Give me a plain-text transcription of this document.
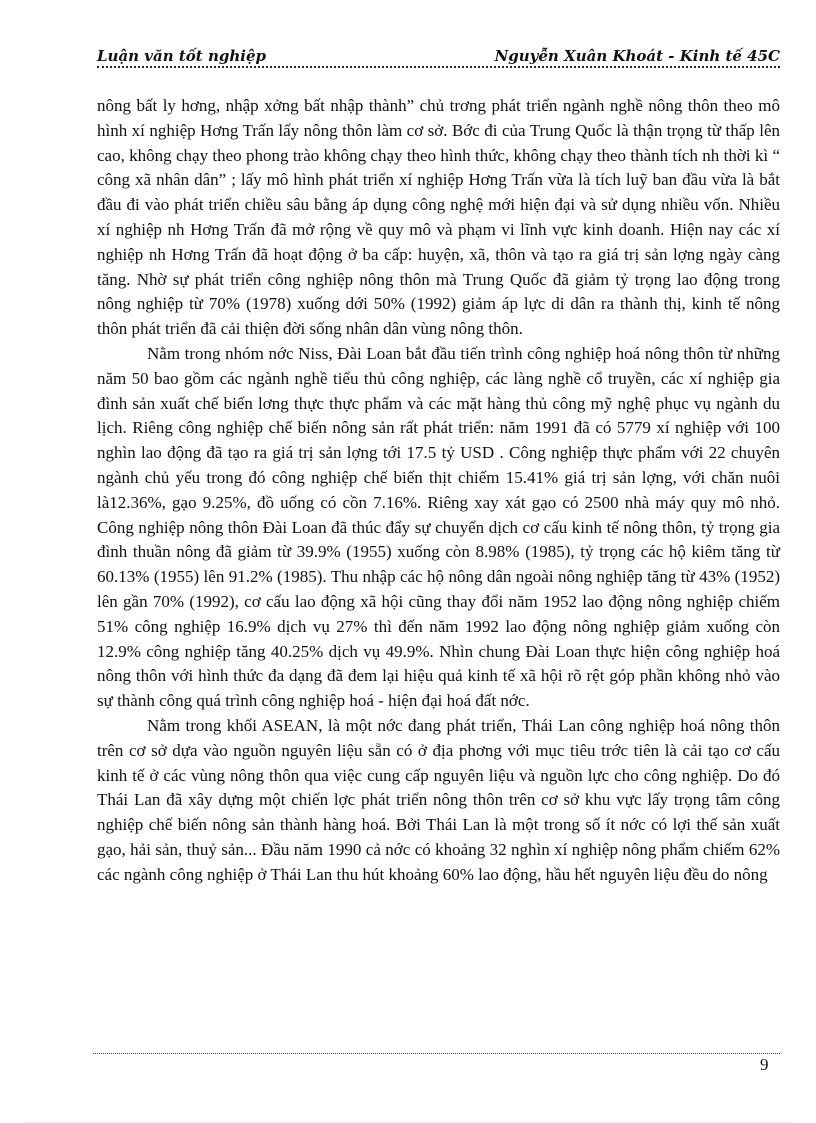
Luận văn tốt nghiệp	Nguyễn Xuân Khoát - Kinh tế 45C

nông bất ly hơng, nhập xởng bất nhập thành” chủ trơng phát triển ngành nghề nông thôn theo mô hình xí nghiệp Hơng Trấn lấy nông thôn làm cơ sở. Bớc đi của Trung Quốc là thận trọng từ thấp lên cao, không chạy theo phong trào không chạy theo hình thức, không chạy theo thành tích nh thời kì “ công xã nhân dân” ; lấy mô hình phát triển xí nghiệp Hơng Trấn vừa là tích luỹ ban đầu vừa là bắt đầu đi vào phát triển chiều sâu bằng áp dụng công nghệ mới hiện đại và sử dụng nhiều vốn. Nhiều xí nghiệp nh Hơng Trấn đã mở rộng về quy mô và phạm vi lĩnh vực kinh doanh. Hiện nay các xí nghiệp nh Hơng Trấn đã hoạt động ở ba cấp: huyện, xã, thôn và tạo ra giá trị sản lợng ngày càng tăng. Nhờ sự phát triển công nghiệp nông thôn mà Trung Quốc đã giảm tỷ trọng lao động trong nông nghiệp từ 70% (1978) xuống dới 50% (1992) giảm áp lực di dân ra thành thị, kinh tế nông thôn phát triển đã cải thiện đời sống nhân dân vùng nông thôn.

Nằm trong nhóm nớc Niss, Đài Loan bắt đầu tiến trình công nghiệp hoá nông thôn từ những năm 50 bao gồm các ngành nghề tiểu thủ công nghiệp, các làng nghề cổ truyền, các xí nghiệp gia đình sản xuất chế biến lơng thực thực phẩm và các mặt hàng thủ công mỹ nghệ phục vụ ngành du lịch. Riêng công nghiệp chế biến nông sản rất phát triển: năm 1991 đã có 5779 xí nghiệp với 100 nghìn lao động đã tạo ra giá trị sản lợng tới 17.5 tỷ USD . Công nghiệp thực phẩm với 22 chuyên ngành chủ yếu trong đó công nghiệp chế biến thịt chiếm 15.41% giá trị sản lợng, với chăn nuôi là12.36%, gạo 9.25%, đồ uống có cồn 7.16%. Riêng xay xát gạo có 2500 nhà máy quy mô nhỏ. Công nghiệp nông thôn Đài Loan đã thúc đẩy sự chuyển dịch cơ cấu kinh tế nông thôn, tỷ trọng gia đình thuần nông đã giảm từ 39.9% (1955) xuống còn 8.98% (1985), tỷ trọng các hộ kiêm tăng từ 60.13% (1955) lên 91.2% (1985). Thu nhập các hộ nông dân ngoài nông nghiệp tăng từ 43% (1952) lên gần 70% (1992), cơ cấu lao động xã hội cũng thay đổi năm 1952 lao động nông nghiệp chiếm 51% công nghiệp 16.9% dịch vụ 27% thì đến năm 1992 lao động nông nghiệp giảm xuống còn 12.9% công nghiệp tăng 40.25% dịch vụ 49.9%. Nhìn chung Đài Loan thực hiện công nghiệp hoá nông thôn với hình thức đa dạng đã đem lại hiệu quả kinh tế xã hội rõ rệt góp phần không nhỏ vào sự thành công quá trình công nghiệp hoá - hiện đại hoá đất nớc.

Nằm trong khối ASEAN, là một nớc đang phát triển, Thái Lan công nghiệp hoá nông thôn trên cơ sở dựa vào nguồn nguyên liệu sẵn có ở địa phơng với mục tiêu trớc tiên là cải tạo cơ cấu kinh tế ở các vùng nông thôn qua việc cung cấp nguyên liệu và nguồn lực cho công nghiệp. Do đó Thái Lan đã xây dựng một chiến lợc phát triển nông thôn trên cơ sở khu vực lấy trọng tâm công nghiệp chế biến nông sản thành hàng hoá. Bởi Thái Lan là một trong số ít nớc có lợi thế sản xuất gạo, hải sản, thuỷ sản... Đầu năm 1990 cả nớc có khoảng 32 nghìn xí nghiệp nông phẩm chiếm 62% các ngành công nghiệp ở Thái Lan thu hút khoảng 60% lao động, hầu hết nguyên liệu đều do nông

9
